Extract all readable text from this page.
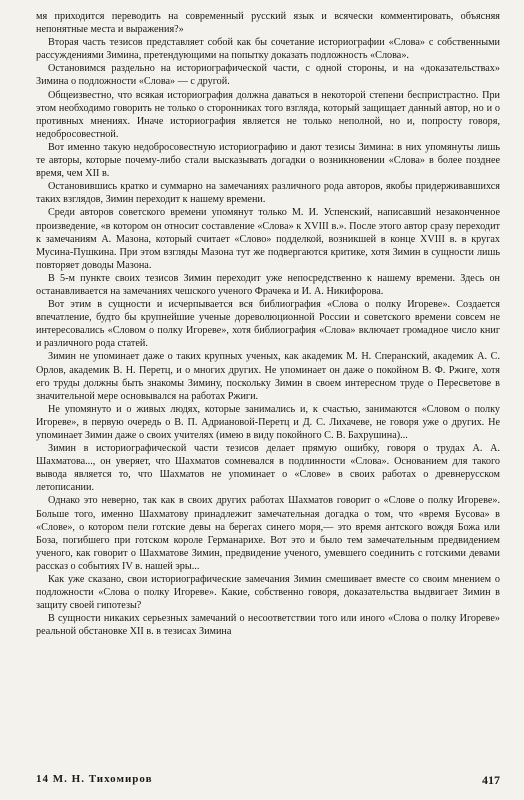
мя приходится переводить на современный русский язык и всячески комментировать, объясняя непонятные места и выражения?»

Вторая часть тезисов представляет собой как бы сочетание историографии «Слова» с собственными рассуждениями Зимина, претендующими на попытку доказать подложность «Слова».

Остановимся раздельно на историографической части, с одной стороны, и на «доказательствах» Зимина о подложности «Слова» — с другой.

Общеизвестно, что всякая историография должна даваться в некоторой степени беспристрастно. При этом необходимо говорить не только о сторонниках того взгляда, который защищает данный автор, но и о противных мнениях. Иначе историография является не только неполной, но и, попросту говоря, недобросовестной.

Вот именно такую недобросовестную историографию и дают тезисы Зимина: в них упомянуты лишь те авторы, которые почему-либо стали высказывать догадки о возникновении «Слова» в более позднее время, чем XII в.

Остановившись кратко и суммарно на замечаниях различного рода авторов, якобы придерживавшихся таких взглядов, Зимин переходит к нашему времени.

Среди авторов советского времени упомянут только М. И. Успенский, написавший незаконченное произведение, «в котором он относит составление «Слова» к XVIII в.». После этого автор сразу переходит к замечаниям А. Мазона, который считает «Слово» подделкой, возникшей в конце XVIII в. в кругах Мусина-Пушкина. При этом взгляды Мазона тут же подвергаются критике, хотя Зимин в сущности лишь повторяет доводы Мазона.

В 5-м пункте своих тезисов Зимин переходит уже непосредственно к нашему времени. Здесь он останавливается на замечаниях чешского ученого Фрачека и И. А. Никифорова.

Вот этим в сущности и исчерпывается вся библиография «Слова о полку Игореве». Создается впечатление, будто бы крупнейшие ученые дореволюционной России и советского времени совсем не интересовались «Словом о полку Игореве», хотя библиография «Слова» включает громадное число книг и различного рода статей.

Зимин не упоминает даже о таких крупных ученых, как академик М. Н. Сперанский, академик А. С. Орлов, академик В. Н. Перетц, и о многих других. Не упоминает он даже о покойном В. Ф. Ржиге, хотя его труды должны быть знакомы Зимину, поскольку Зимин в своем интересном труде о Пересветове в значительной мере основывался на работах Ржиги.

Не упомянуто и о живых людях, которые занимались и, к счастью, занимаются «Словом о полку Игореве», в первую очередь о В. П. Адриановой-Перетц и Д. С. Лихачеве, не говоря уже о других. Не упоминает Зимин даже о своих учителях (имею в виду покойного С. В. Бахрушина)...

Зимин в историографической части тезисов делает прямую ошибку, говоря о трудах А. А. Шахматова..., он уверяет, что Шахматов сомневался в подлинности «Слова». Основанием для такого вывода является то, что Шахматов не упоминает о «Слове» в своих работах о древнерусском летописании.

Однако это неверно, так как в своих других работах Шахматов говорит о «Слове о полку Игореве». Больше того, именно Шахматову принадлежит замечательная догадка о том, что «время Бусова» в «Слове», о котором пели готские девы на берегах синего моря,— это время антского вождя Божа или Боза, погибшего при готском короле Германарихе. Вот это и было тем замечательным предвидением ученого, как говорит о Шахматове Зимин, предвидение ученого, умевшего соединить с готскими девами рассказ о событиях IV в. нашей эры...

Как уже сказано, свои историографические замечания Зимин смешивает вместе со своим мнением о подложности «Слова о полку Игореве». Какие, собственно говоря, доказательства выдвигает Зимин в защиту своей гипотезы?

В сущности никаких серьезных замечаний о несоответствии того или иного «Слова о полку Игореве» реальной обстановке XII в. в тезисах Зимина

14 М. Н. Тихомиров	417
